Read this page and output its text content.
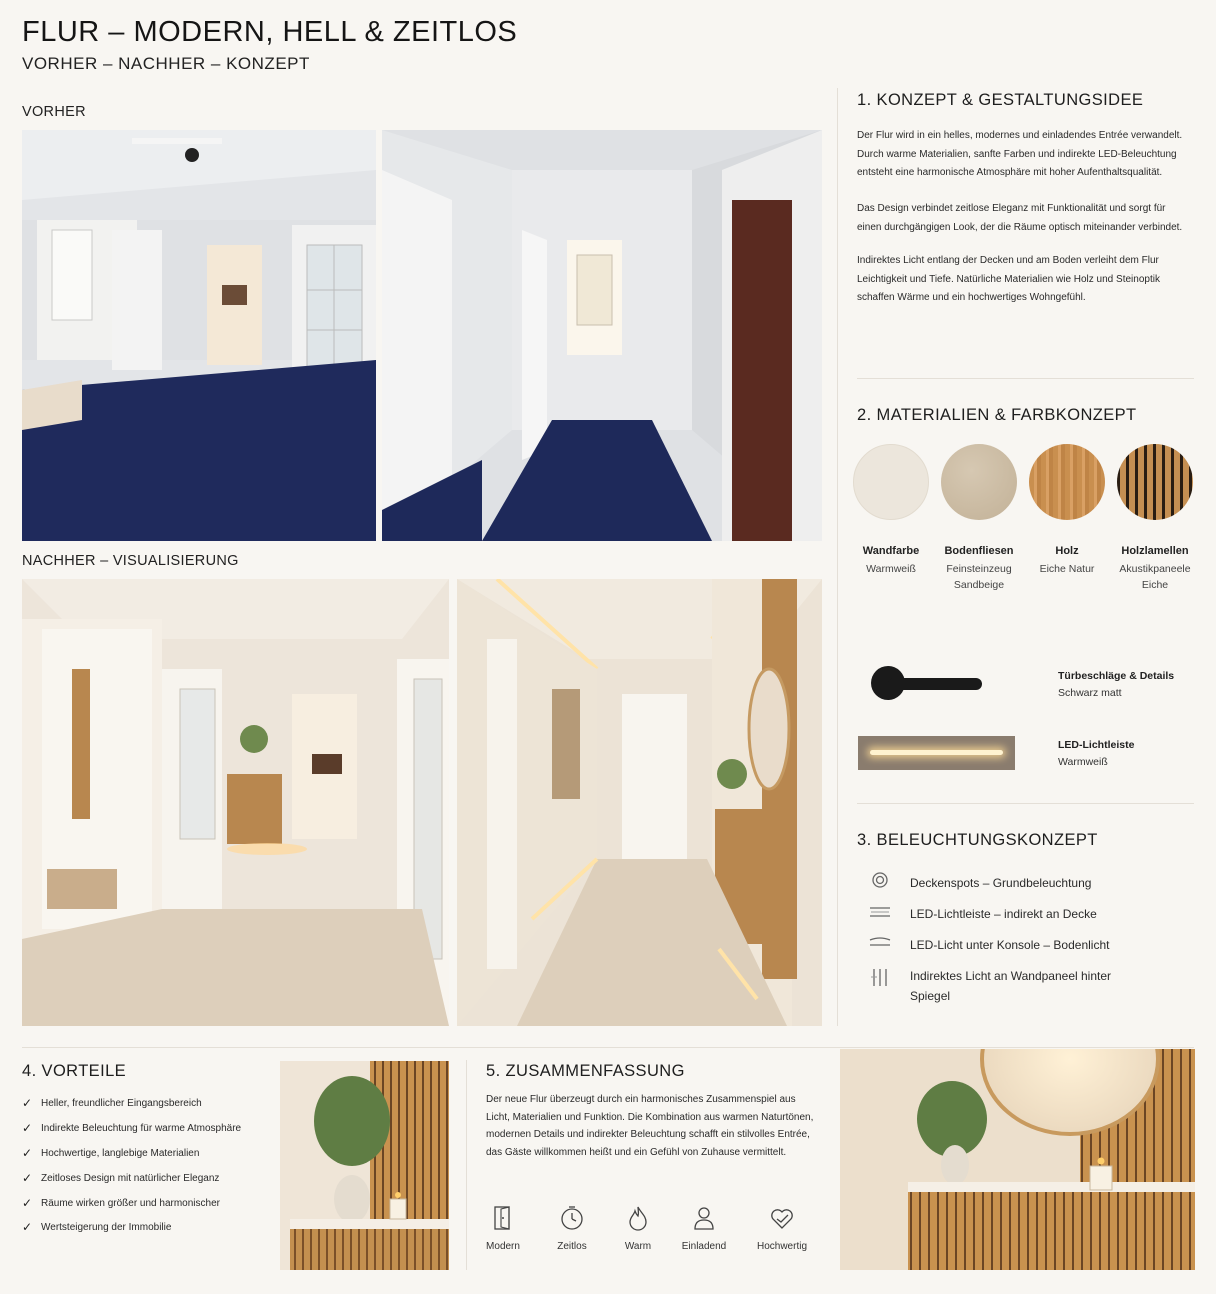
FLUR – MODERN, HELL & ZEITLOS
VORHER – NACHHER – KONZEPT
VORHER
NACHHER – VISUALISIERUNG
1. KONZEPT & GESTALTUNGSIDEE
Der Flur wird in ein helles, modernes und einladendes Entrée verwandelt. Durch warme Materialien, sanfte Farben und indirekte LED-Beleuchtung entsteht eine harmonische Atmosphäre mit hoher Aufenthaltsqualität.
Das Design verbindet zeitlose Eleganz mit Funktionalität und sorgt für einen durchgängigen Look, der die Räume optisch miteinander verbindet.
Indirektes Licht entlang der Decken und am Boden verleiht dem Flur Leichtigkeit und Tiefe. Natürliche Materialien wie Holz und Steinoptik schaffen Wärme und ein hochwertiges Wohngefühl.
2. MATERIALIEN & FARBKONZEPT
Wandfarbe
Warmweiß
Bodenfliesen
Feinsteinzeug
Sandbeige
Holz
Eiche Natur
Holzlamellen
Akustikpaneele
Eiche
Türbeschläge & Details
Schwarz matt
LED-Lichtleiste
Warmweiß
3. BELEUCHTUNGSKONZEPT
Deckenspots – Grundbeleuchtung
LED-Lichtleiste – indirekt an Decke
LED-Licht unter Konsole – Bodenlicht
Indirektes Licht an Wandpaneel hinter Spiegel
4. VORTEILE
✓ Heller, freundlicher Eingangsbereich
✓ Indirekte Beleuchtung für warme Atmosphäre
✓ Hochwertige, langlebige Materialien
✓ Zeitloses Design mit natürlicher Eleganz
✓ Räume wirken größer und harmonischer
✓ Wertsteigerung der Immobilie
5. ZUSAMMENFASSUNG
Der neue Flur überzeugt durch ein harmonisches Zusammenspiel aus Licht, Materialien und Funktion. Die Kombination aus warmen Naturtönen, modernen Details und indirekter Beleuchtung schafft ein stilvolles Entrée, das Gäste willkommen heißt und ein Gefühl von Zuhause vermittelt.
Modern	Zeitlos	Warm	Einladend	Hochwertig
